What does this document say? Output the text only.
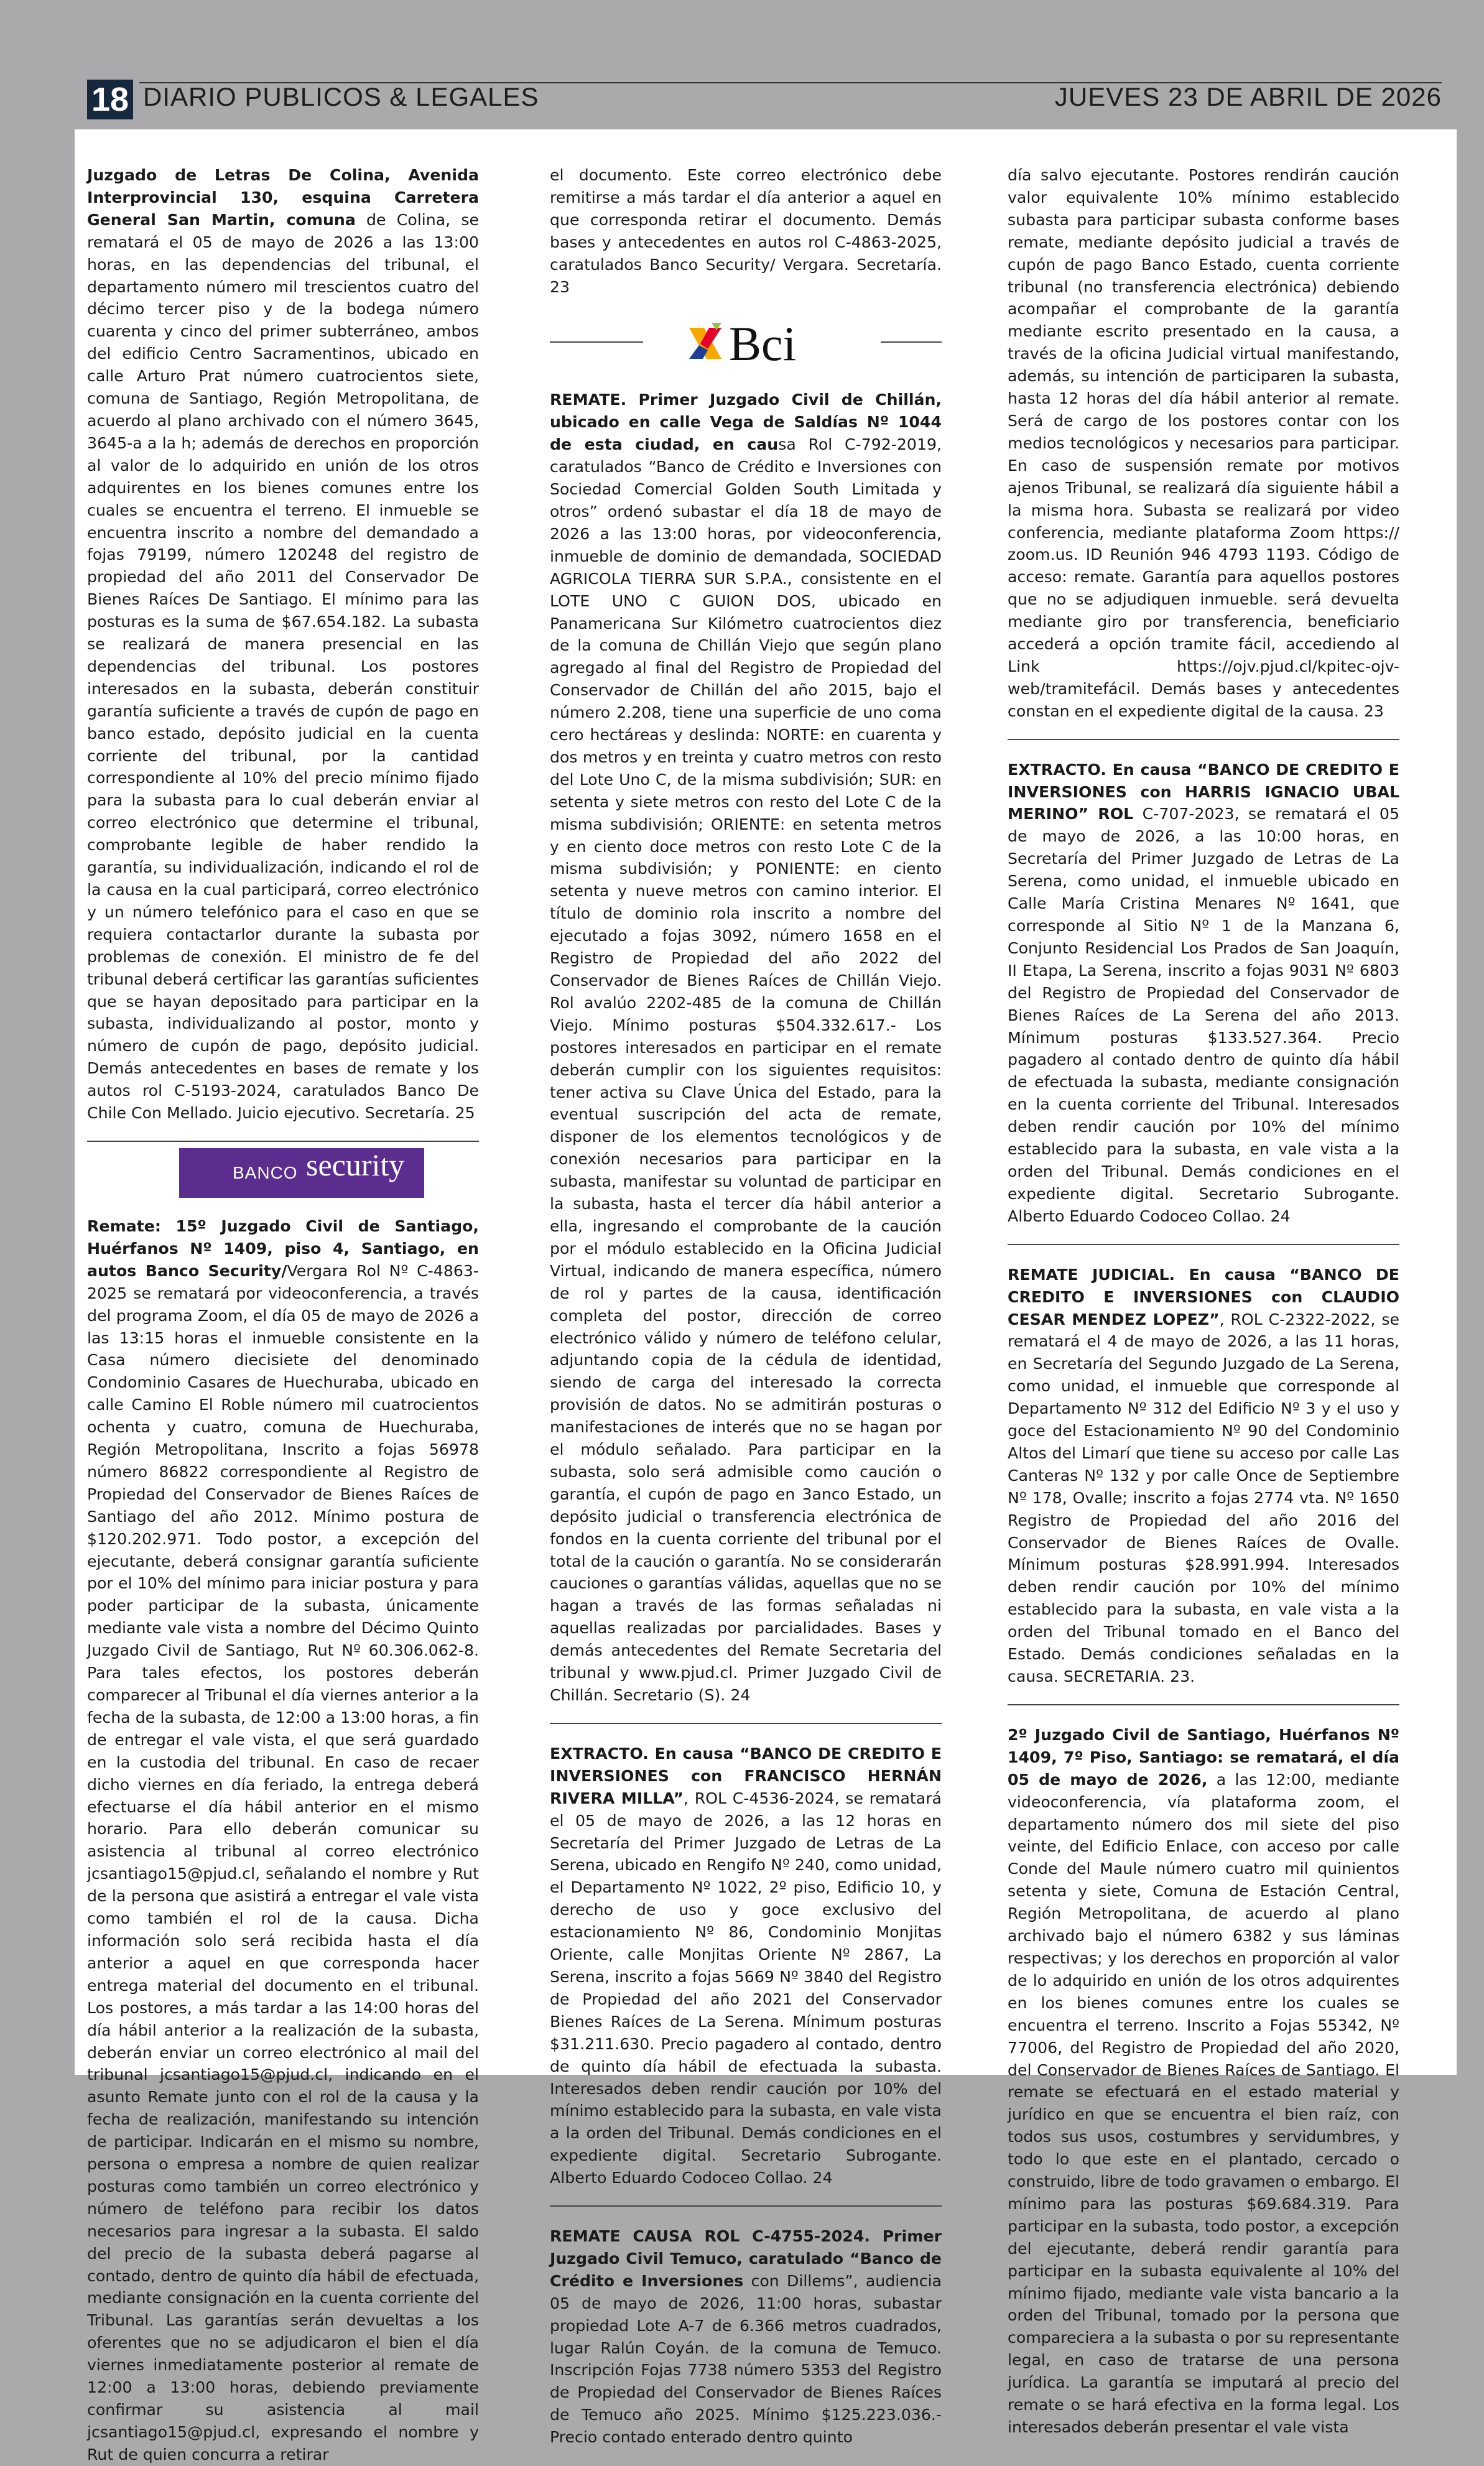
18 DIARIO PUBLICOS & LEGALES	JUEVES 23 DE ABRIL DE 2026

Juzgado de Letras De Colina, Avenida Interprovincial 130, esquina Carretera General San Martin, comuna de Colina, se rematará el 05 de mayo de 2026 a las 13:00 horas, en las dependencias del tribunal, el departamento número mil trescientos cuatro del décimo tercer piso y de la bodega número cuarenta y cinco del primer subterráneo, ambos del edificio Centro Sacramentinos, ubicado en calle Arturo Prat número cuatrocientos siete, comuna de Santiago, Región Metropolitana, de acuerdo al plano archivado con el número 3645, 3645-a a la h; además de derechos en proporción al valor de lo adquirido en unión de los otros adquirentes en los bienes comunes entre los cuales se encuentra el terreno. El inmueble se encuentra inscrito a nombre del demandado a fojas 79199, número 120248 del registro de propiedad del año 2011 del Conservador De Bienes Raíces De Santiago. El mínimo para las posturas es la suma de $67.654.182. La subasta se realizará de manera presencial en las dependencias del tribunal. Los postores interesados en la subasta, deberán constituir garantía suficiente a través de cupón de pago en banco estado, depósito judicial en la cuenta corriente del tribunal, por la cantidad correspondiente al 10% del precio mínimo fijado para la subasta para lo cual deberán enviar al correo electrónico que determine el tribunal, comprobante legible de haber rendido la garantía, su individualización, indicando el rol de la causa en la cual participará, correo electrónico y un número telefónico para el caso en que se requiera contactarlor durante la subasta por problemas de conexión. El ministro de fe del tribunal deberá certificar las garantías suficientes que se hayan depositado para participar en la subasta, individualizando al postor, monto y número de cupón de pago, depósito judicial. Demás antecedentes en bases de remate y los autos rol C-5193-2024, caratulados Banco De Chile Con Mellado. Juicio ejecutivo. Secretaría. 25

BANCO security

Remate: 15º Juzgado Civil de Santiago, Huérfanos Nº 1409, piso 4, Santiago, en autos Banco Security/Vergara Rol Nº C-4863-2025 se rematará por videoconferencia, a través del programa Zoom, el día 05 de mayo de 2026 a las 13:15 horas el inmueble consistente en la Casa número diecisiete del denominado Condominio Casares de Huechuraba, ubicado en calle Camino El Roble número mil cuatrocientos ochenta y cuatro, comuna de Huechuraba, Región Metropolitana, Inscrito a fojas 56978 número 86822 correspondiente al Registro de Propiedad del Conservador de Bienes Raíces de Santiago del año 2012. Mínimo postura de $120.202.971. Todo postor, a excepción del ejecutante, deberá consignar garantía suficiente por el 10% del mínimo para iniciar postura y para poder participar de la subasta, únicamente mediante vale vista a nombre del Décimo Quinto Juzgado Civil de Santiago, Rut Nº 60.306.062-8. Para tales efectos, los postores deberán comparecer al Tribunal el día viernes anterior a la fecha de la subasta, de 12:00 a 13:00 horas, a fin de entregar el vale vista, el que será guardado en la custodia del tribunal. En caso de recaer dicho viernes en día feriado, la entrega deberá efectuarse el día hábil anterior en el mismo horario. Para ello deberán comunicar su asistencia al tribunal al correo electrónico jcsantiago15@pjud.cl, señalando el nombre y Rut de la persona que asistirá a entregar el vale vista como también el rol de la causa. Dicha información solo será recibida hasta el día anterior a aquel en que corresponda hacer entrega material del documento en el tribunal. Los postores, a más tardar a las 14:00 horas del día hábil anterior a la realización de la subasta, deberán enviar un correo electrónico al mail del tribunal jcsantiago15@pjud.cl, indicando en el asunto Remate junto con el rol de la causa y la fecha de realización, manifestando su intención de participar. Indicarán en el mismo su nombre, persona o empresa a nombre de quien realizar posturas como también un correo electrónico y número de teléfono para recibir los datos necesarios para ingresar a la subasta. El saldo del precio de la subasta deberá pagarse al contado, dentro de quinto día hábil de efectuada, mediante consignación en la cuenta corriente del Tribunal. Las garantías serán devueltas a los oferentes que no se adjudicaron el bien el día viernes inmediatamente posterior al remate de 12:00 a 13:00 horas, debiendo previamente confirmar su asistencia al mail jcsantiago15@pjud.cl, expresando el nombre y Rut de quien concurra a retirar

el documento. Este correo electrónico debe remitirse a más tardar el día anterior a aquel en que corresponda retirar el documento. Demás bases y antecedentes en autos rol C-4863-2025, caratulados Banco Security/ Vergara. Secretaría. 23

Bci

REMATE. Primer Juzgado Civil de Chillán, ubicado en calle Vega de Saldías Nº 1044 de esta ciudad, en causa Rol C-792-2019, caratulados “Banco de Crédito e Inversiones con Sociedad Comercial Golden South Limitada y otros” ordenó subastar el día 18 de mayo de 2026 a las 13:00 horas, por videoconferencia, inmueble de dominio de demandada, SOCIEDAD AGRICOLA TIERRA SUR S.P.A., consistente en el LOTE UNO C GUION DOS, ubicado en Panamericana Sur Kilómetro cuatrocientos diez de la comuna de Chillán Viejo que según plano agregado al final del Registro de Propiedad del Conservador de Chillán del año 2015, bajo el número 2.208, tiene una superficie de uno coma cero hectáreas y deslinda: NORTE: en cuarenta y dos metros y en treinta y cuatro metros con resto del Lote Uno C, de la misma subdivisión; SUR: en setenta y siete metros con resto del Lote C de la misma subdivisión; ORIENTE: en setenta metros y en ciento doce metros con resto Lote C de la misma subdivisión; y PONIENTE: en ciento setenta y nueve metros con camino interior. El título de dominio rola inscrito a nombre del ejecutado a fojas 3092, número 1658 en el Registro de Propiedad del año 2022 del Conservador de Bienes Raíces de Chillán Viejo. Rol avalúo 2202-485 de la comuna de Chillán Viejo. Mínimo posturas $504.332.617.- Los postores interesados en participar en el remate deberán cumplir con los siguientes requisitos: tener activa su Clave Única del Estado, para la eventual suscripción del acta de remate, disponer de los elementos tecnológicos y de conexión necesarios para participar en la subasta, manifestar su voluntad de participar en la subasta, hasta el tercer día hábil anterior a ella, ingresando el comprobante de la caución por el módulo establecido en la Oficina Judicial Virtual, indicando de manera específica, número de rol y partes de la causa, identificación completa del postor, dirección de correo electrónico válido y número de teléfono celular, adjuntando copia de la cédula de identidad, siendo de carga del interesado la correcta provisión de datos. No se admitirán posturas o manifestaciones de interés que no se hagan por el módulo señalado. Para participar en la subasta, solo será admisible como caución o garantía, el cupón de pago en 3anco Estado, un depósito judicial o transferencia electrónica de fondos en la cuenta corriente del tribunal por el total de la caución o garantía. No se considerarán cauciones o garantías válidas, aquellas que no se hagan a través de las formas señaladas ni aquellas realizadas por parcialidades. Bases y demás antecedentes del Remate Secretaria del tribunal y www.pjud.cl. Primer Juzgado Civil de Chillán. Secretario (S). 24

EXTRACTO. En causa “BANCO DE CREDITO E INVERSIONES con FRANCISCO HERNÁN RIVERA MILLA”, ROL C-4536-2024, se rematará el 05 de mayo de 2026, a las 12 horas en Secretaría del Primer Juzgado de Letras de La Serena, ubicado en Rengifo Nº 240, como unidad, el Departamento Nº 1022, 2º piso, Edificio 10, y derecho de uso y goce exclusivo del estacionamiento Nº 86, Condominio Monjitas Oriente, calle Monjitas Oriente Nº 2867, La Serena, inscrito a fojas 5669 Nº 3840 del Registro de Propiedad del año 2021 del Conservador Bienes Raíces de La Serena. Mínimum posturas $31.211.630. Precio pagadero al contado, dentro de quinto día hábil de efectuada la subasta. Interesados deben rendir caución por 10% del mínimo establecido para la subasta, en vale vista a la orden del Tribunal. Demás condiciones en el expediente digital. Secretario Subrogante. Alberto Eduardo Codoceo Collao. 24

REMATE CAUSA ROL C-4755-2024. Primer Juzgado Civil Temuco, caratulado “Banco de Crédito e Inversiones con Dillems”, audiencia 05 de mayo de 2026, 11:00 horas, subastar propiedad Lote A-7 de 6.366 metros cuadrados, lugar Ralún Coyán. de la comuna de Temuco. Inscripción Fojas 7738 número 5353 del Registro de Propiedad del Conservador de Bienes Raíces de Temuco año 2025. Mínimo $125.223.036.- Precio contado enterado dentro quinto

día salvo ejecutante. Postores rendirán caución valor equivalente 10% mínimo establecido subasta para participar subasta conforme bases remate, mediante depósito judicial a través de cupón de pago Banco Estado, cuenta corriente tribunal (no transferencia electrónica) debiendo acompañar el comprobante de la garantía mediante escrito presentado en la causa, a través de la oficina Judicial virtual manifestando, además, su intención de participaren la subasta, hasta 12 horas del día hábil anterior al remate. Será de cargo de los postores contar con los medios tecnológicos y necesarios para participar. En caso de suspensión remate por motivos ajenos Tribunal, se realizará día siguiente hábil a la misma hora. Subasta se realizará por video conferencia, mediante plataforma Zoom https:// zoom.us. ID Reunión 946 4793 1193. Código de acceso: remate. Garantía para aquellos postores que no se adjudiquen inmueble. será devuelta mediante giro por transferencia, beneficiario accederá a opción tramite fácil, accediendo al Link https://ojv.pjud.cl/kpitec-ojv-web/tramitefácil. Demás bases y antecedentes constan en el expediente digital de la causa. 23

EXTRACTO. En causa “BANCO DE CREDITO E INVERSIONES con HARRIS IGNACIO UBAL MERINO” ROL C-707-2023, se rematará el 05 de mayo de 2026, a las 10:00 horas, en Secretaría del Primer Juzgado de Letras de La Serena, como unidad, el inmueble ubicado en Calle María Cristina Menares Nº 1641, que corresponde al Sitio Nº 1 de la Manzana 6, Conjunto Residencial Los Prados de San Joaquín, II Etapa, La Serena, inscrito a fojas 9031 Nº 6803 del Registro de Propiedad del Conservador de Bienes Raíces de La Serena del año 2013. Mínimum posturas $133.527.364. Precio pagadero al contado dentro de quinto día hábil de efectuada la subasta, mediante consignación en la cuenta corriente del Tribunal. Interesados deben rendir caución por 10% del mínimo establecido para la subasta, en vale vista a la orden del Tribunal. Demás condiciones en el expediente digital. Secretario Subrogante. Alberto Eduardo Codoceo Collao. 24

REMATE JUDICIAL. En causa “BANCO DE CREDITO E INVERSIONES con CLAUDIO CESAR MENDEZ LOPEZ”, ROL C-2322-2022, se rematará el 4 de mayo de 2026, a las 11 horas, en Secretaría del Segundo Juzgado de La Serena, como unidad, el inmueble que corresponde al Departamento Nº 312 del Edificio Nº 3 y el uso y goce del Estacionamiento Nº 90 del Condominio Altos del Limarí que tiene su acceso por calle Las Canteras Nº 132 y por calle Once de Septiembre Nº 178, Ovalle; inscrito a fojas 2774 vta. Nº 1650 Registro de Propiedad del año 2016 del Conservador de Bienes Raíces de Ovalle. Mínimum posturas $28.991.994. Interesados deben rendir caución por 10% del mínimo establecido para la subasta, en vale vista a la orden del Tribunal tomado en el Banco del Estado. Demás condiciones señaladas en la causa. SECRETARIA. 23.

2º Juzgado Civil de Santiago, Huérfanos Nº 1409, 7º Piso, Santiago: se rematará, el día 05 de mayo de 2026, a las 12:00, mediante videoconferencia, vía plataforma zoom, el departamento número dos mil siete del piso veinte, del Edificio Enlace, con acceso por calle Conde del Maule número cuatro mil quinientos setenta y siete, Comuna de Estación Central, Región Metropolitana, de acuerdo al plano archivado bajo el número 6382 y sus láminas respectivas; y los derechos en proporción al valor de lo adquirido en unión de los otros adquirentes en los bienes comunes entre los cuales se encuentra el terreno. Inscrito a Fojas 55342, Nº 77006, del Registro de Propiedad del año 2020, del Conservador de Bienes Raíces de Santiago. El remate se efectuará en el estado material y jurídico en que se encuentra el bien raíz, con todos sus usos, costumbres y servidumbres, y todo lo que este en el plantado, cercado o construido, libre de todo gravamen o embargo. El mínimo para las posturas $69.684.319. Para participar en la subasta, todo postor, a excepción del ejecutante, deberá rendir garantía para participar en la subasta equivalente al 10% del mínimo fijado, mediante vale vista bancario a la orden del Tribunal, tomado por la persona que compareciera a la subasta o por su representante legal, en caso de tratarse de una persona jurídica. La garantía se imputará al precio del remate o se hará efectiva en la forma legal. Los interesados deberán presentar el vale vista
